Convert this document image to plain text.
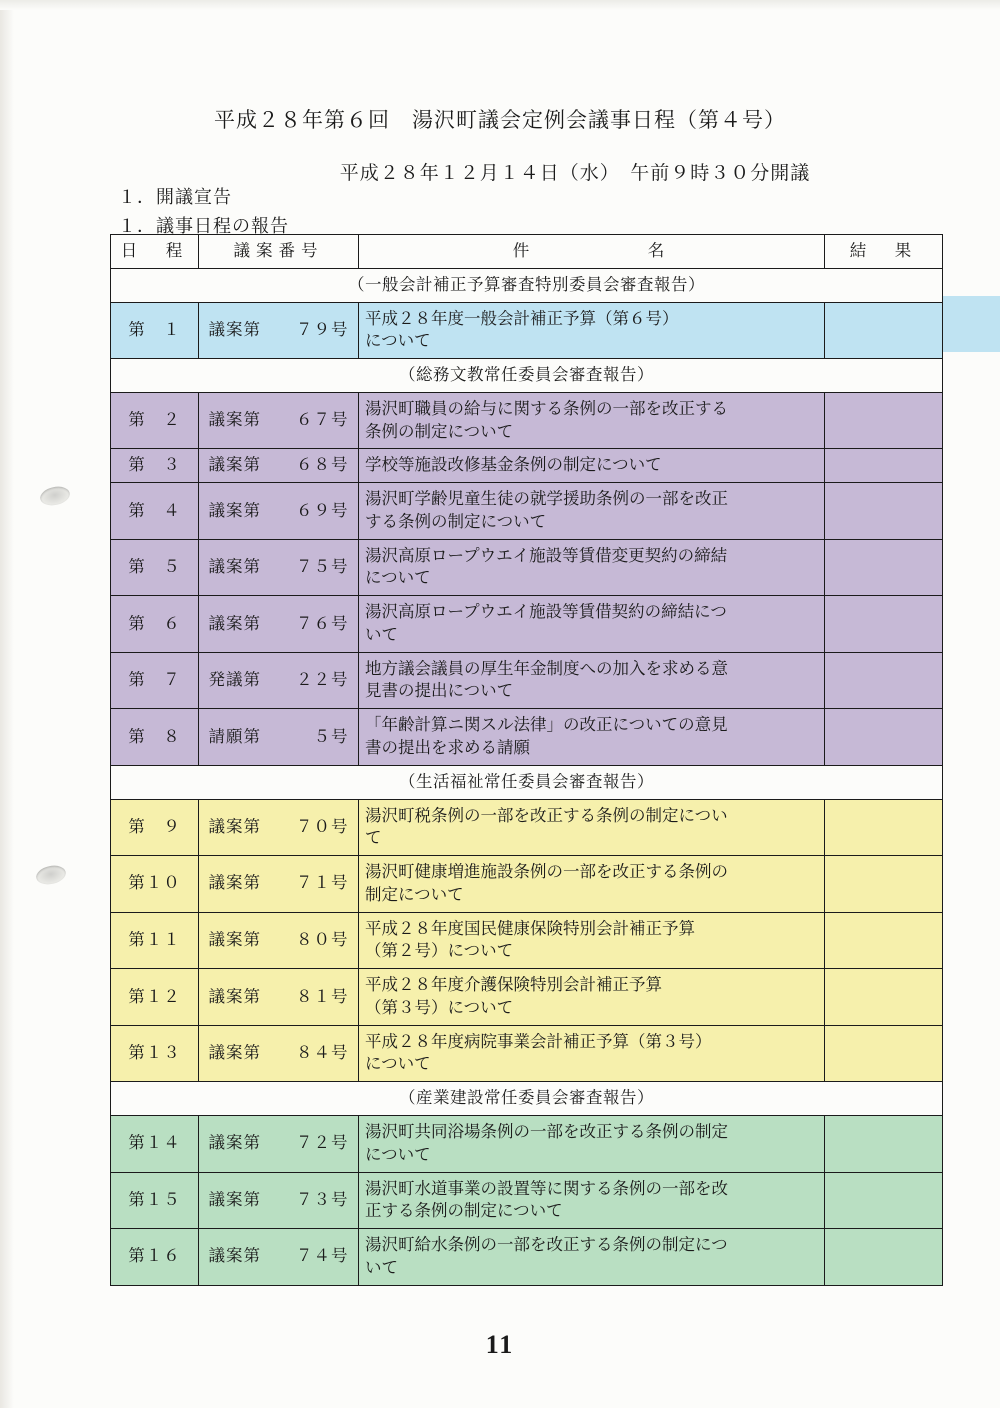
平成２８年第６回　湯沢町議会定例会議事日程（第４号）
平成２８年１２月１４日（水）　午前９時３０分開議
１．開議宣告
１．議事日程の報告
日　程	議案番号	件　　　　　名	結　果
（一般会計補正予算審査特別委員会審査報告）			
第　１	議案第　　７９号	平成２８年度一般会計補正予算（第６号）
について	
（総務文教常任委員会審査報告）			
第　２	議案第　　６７号	湯沢町職員の給与に関する条例の一部を改正する
条例の制定について	
第　３	議案第　　６８号	学校等施設改修基金条例の制定について	
第　４	議案第　　６９号	湯沢町学齢児童生徒の就学援助条例の一部を改正
する条例の制定について	
第　５	議案第　　７５号	湯沢高原ロープウエイ施設等賃借変更契約の締結
について	
第　６	議案第　　７６号	湯沢高原ロープウエイ施設等賃借契約の締結につ
いて	
第　７	発議第　　２２号	地方議会議員の厚生年金制度への加入を求める意
見書の提出について	
第　８	請願第　　　５号	「年齢計算ニ関スル法律」の改正についての意見
書の提出を求める請願	
（生活福祉常任委員会審査報告）			
第　９	議案第　　７０号	湯沢町税条例の一部を改正する条例の制定につい
て	
第１０	議案第　　７１号	湯沢町健康増進施設条例の一部を改正する条例の
制定について	
第１１	議案第　　８０号	平成２８年度国民健康保険特別会計補正予算
（第２号）について	
第１２	議案第　　８１号	平成２８年度介護保険特別会計補正予算
（第３号）について	
第１３	議案第　　８４号	平成２８年度病院事業会計補正予算（第３号）
について	
（産業建設常任委員会審査報告）			
第１４	議案第　　７２号	湯沢町共同浴場条例の一部を改正する条例の制定
について	
第１５	議案第　　７３号	湯沢町水道事業の設置等に関する条例の一部を改
正する条例の制定について	
第１６	議案第　　７４号	湯沢町給水条例の一部を改正する条例の制定につ
いて	
11
